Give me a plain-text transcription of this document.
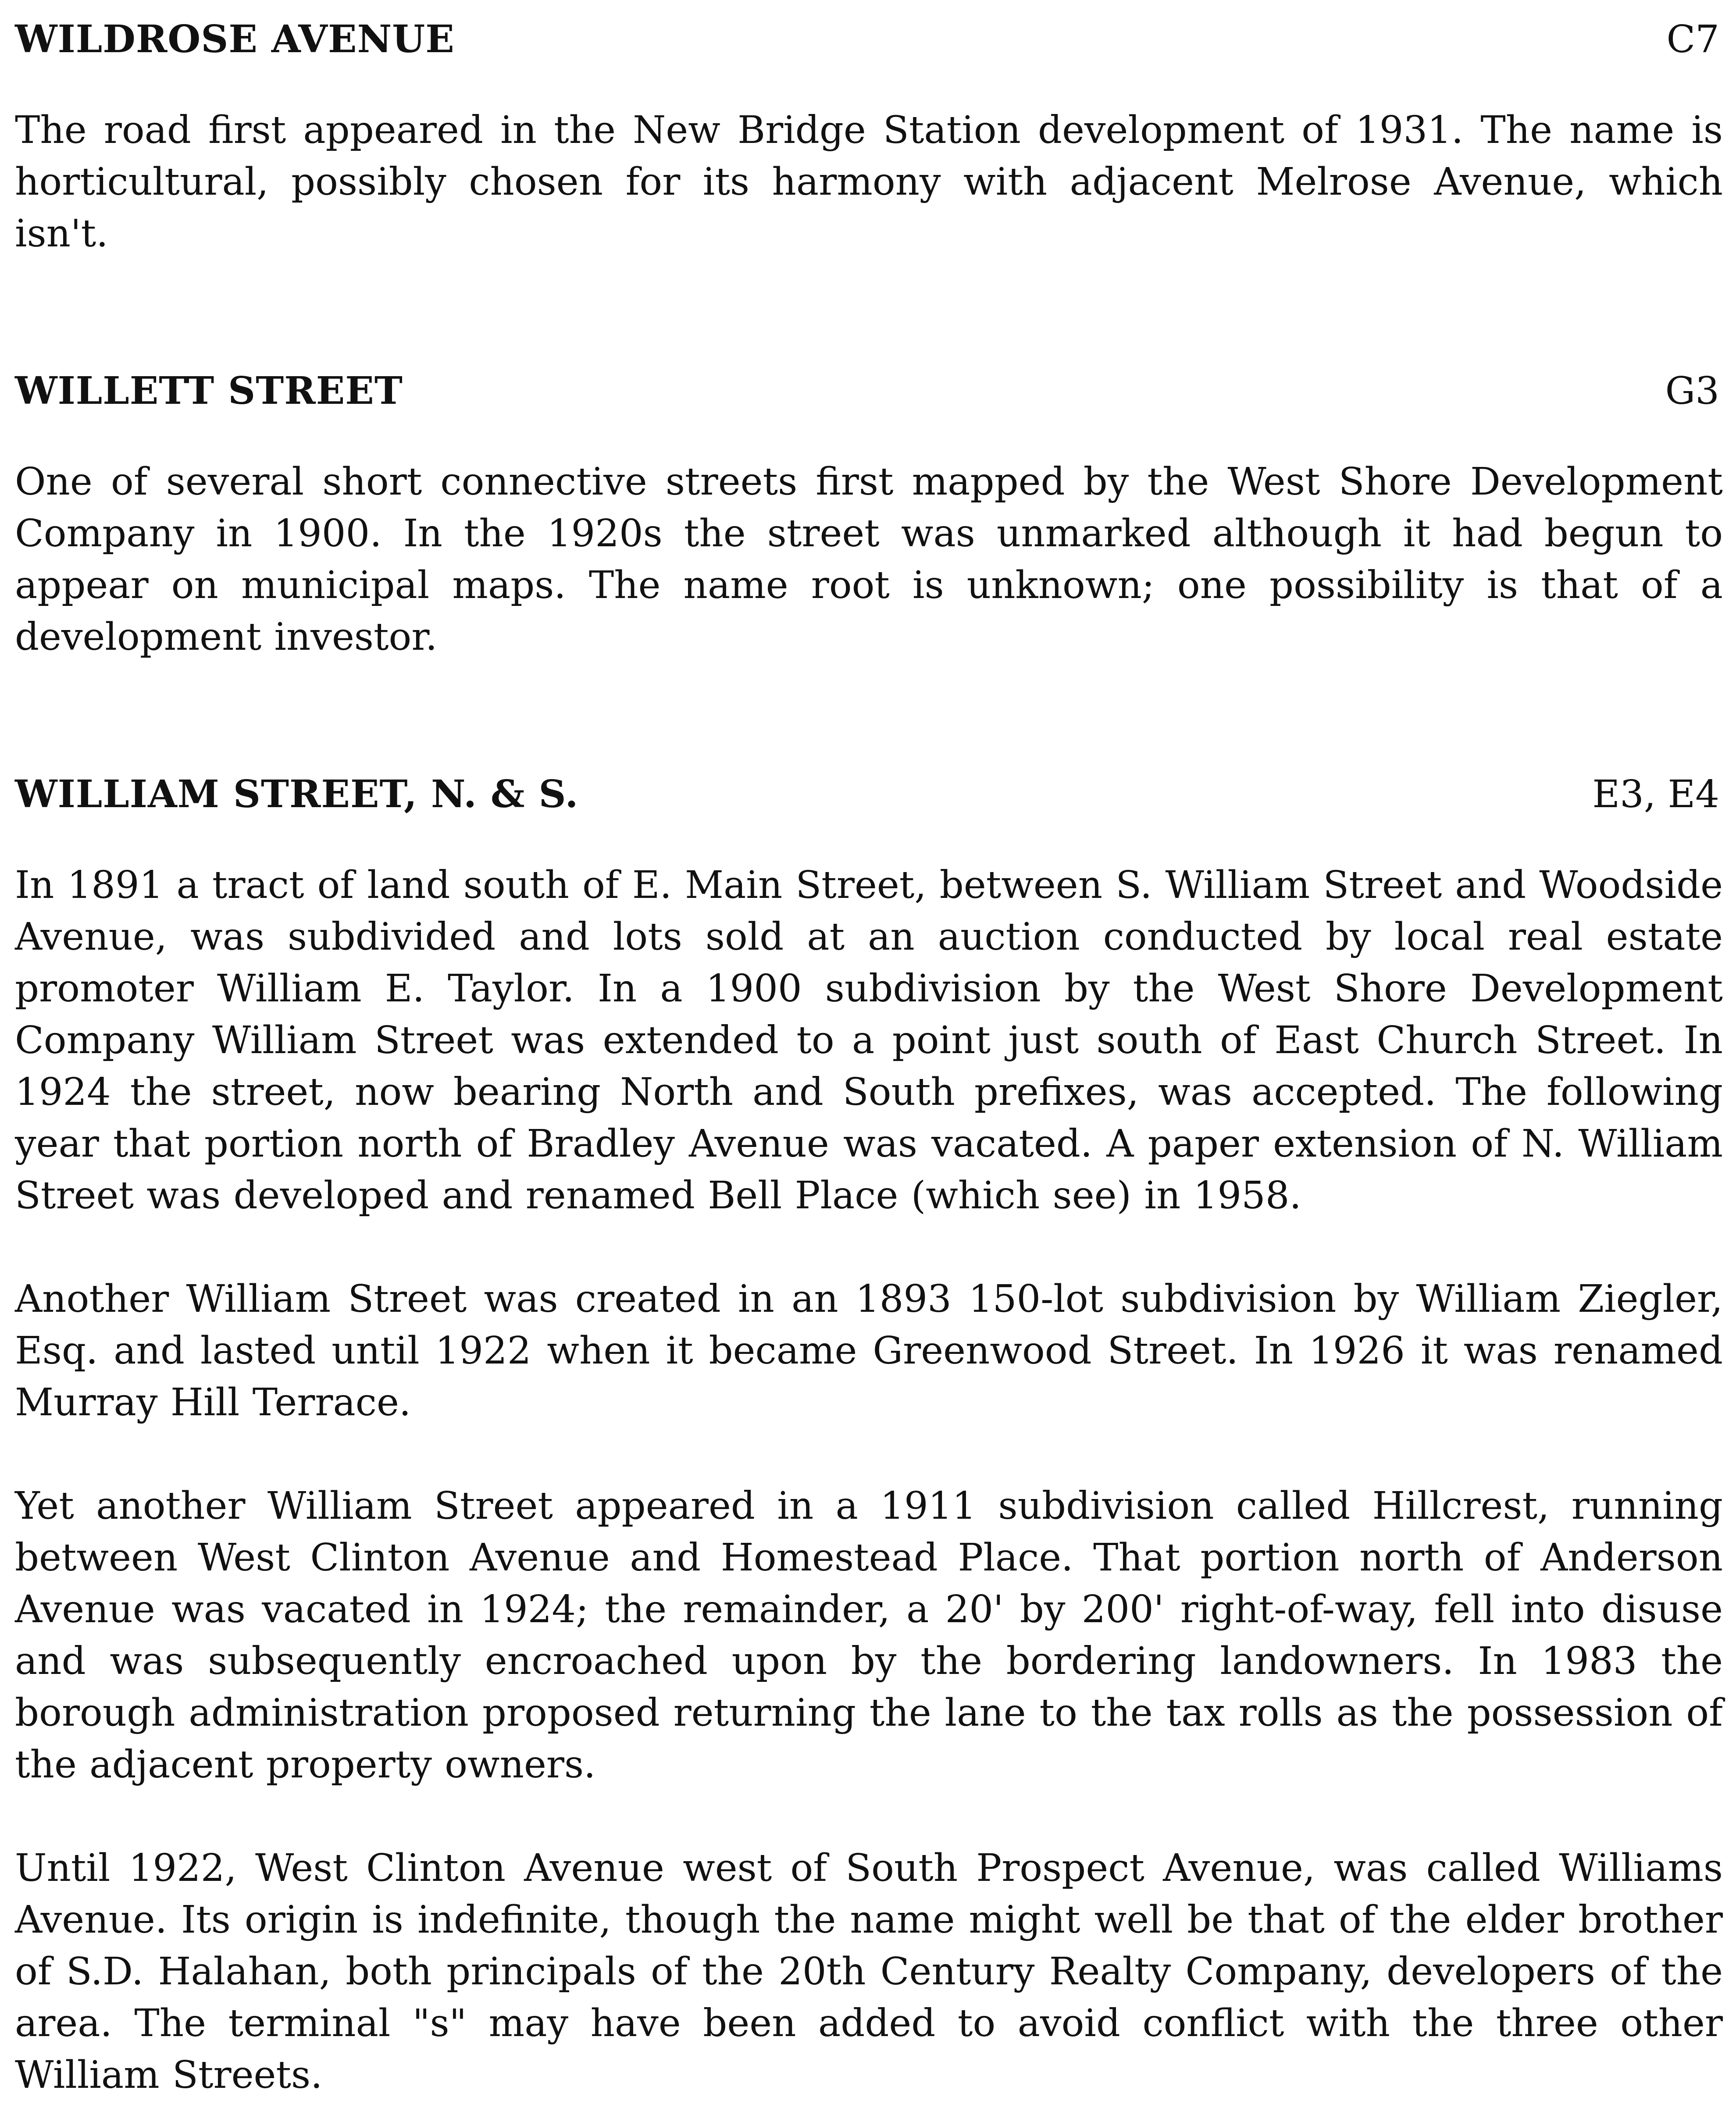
WILDROSE AVENUE	C7

The road first appeared in the New Bridge Station development of 1931. The name is horticultural, possibly chosen for its harmony with adjacent Melrose Avenue, which isn't.

WILLETT STREET	G3

One of several short connective streets first mapped by the West Shore Development Company in 1900. In the 1920s the street was unmarked although it had begun to appear on municipal maps. The name root is unknown; one possibility is that of a development investor.

WILLIAM STREET, N. & S.	E3, E4

In 1891 a tract of land south of E. Main Street, between S. William Street and Woodside Avenue, was subdivided and lots sold at an auction conducted by local real estate promoter William E. Taylor. In a 1900 subdivision by the West Shore Development Company William Street was extended to a point just south of East Church Street. In 1924 the street, now bearing North and South prefixes, was accepted. The following year that portion north of Bradley Avenue was vacated. A paper extension of N. William Street was developed and renamed Bell Place (which see) in 1958.

Another William Street was created in an 1893 150-lot subdivision by William Ziegler, Esq. and lasted until 1922 when it became Greenwood Street. In 1926 it was renamed Murray Hill Terrace.

Yet another William Street appeared in a 1911 subdivision called Hillcrest, running between West Clinton Avenue and Homestead Place. That portion north of Anderson Avenue was vacated in 1924; the remainder, a 20' by 200' right-of-way, fell into disuse and was subsequently encroached upon by the bordering landowners. In 1983 the borough administration proposed returning the lane to the tax rolls as the possession of the adjacent property owners.

Until 1922, West Clinton Avenue west of South Prospect Avenue, was called Williams Avenue. Its origin is indefinite, though the name might well be that of the elder brother of S.D. Halahan, both principals of the 20th Century Realty Company, developers of the area. The terminal "s" may have been added to avoid conflict with the three other William Streets.
